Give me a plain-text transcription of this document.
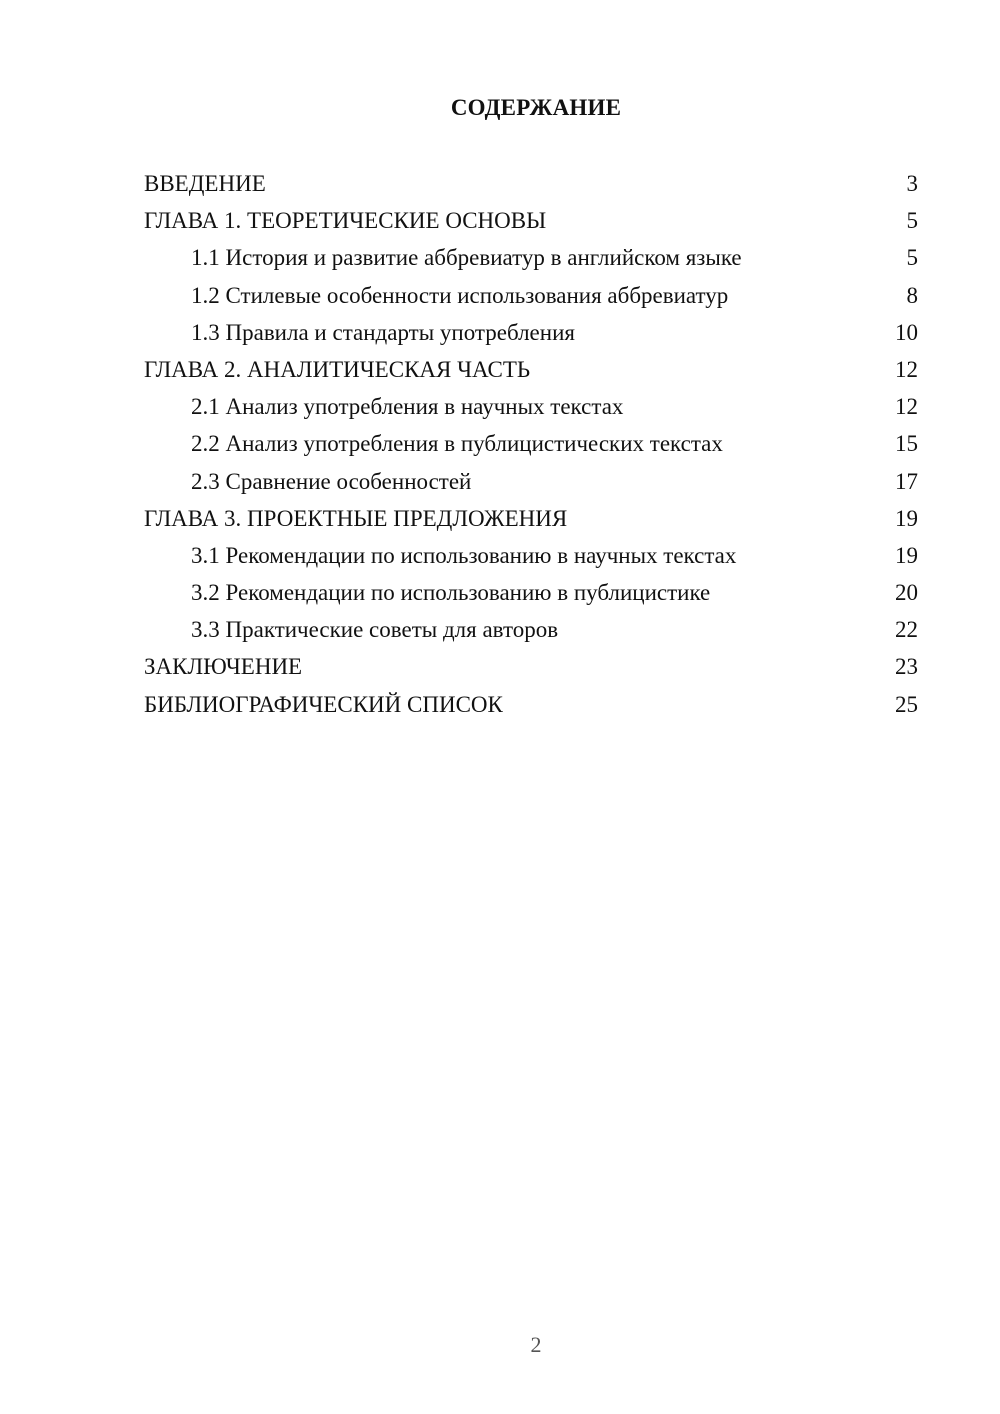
СОДЕРЖАНИЕ
ВВЕДЕНИЕ	3
ГЛАВА 1. ТЕОРЕТИЧЕСКИЕ ОСНОВЫ	5
1.1 История и развитие аббревиатур в английском языке	5
1.2 Стилевые особенности использования аббревиатур	8
1.3 Правила и стандарты употребления	10
ГЛАВА 2. АНАЛИТИЧЕСКАЯ ЧАСТЬ	12
2.1 Анализ употребления в научных текстах	12
2.2 Анализ употребления в публицистических текстах	15
2.3 Сравнение особенностей	17
ГЛАВА 3. ПРОЕКТНЫЕ ПРЕДЛОЖЕНИЯ	19
3.1 Рекомендации по использованию в научных текстах	19
3.2 Рекомендации по использованию в публицистике	20
3.3 Практические советы для авторов	22
ЗАКЛЮЧЕНИЕ	23
БИБЛИОГРАФИЧЕСКИЙ СПИСОК	25
2
